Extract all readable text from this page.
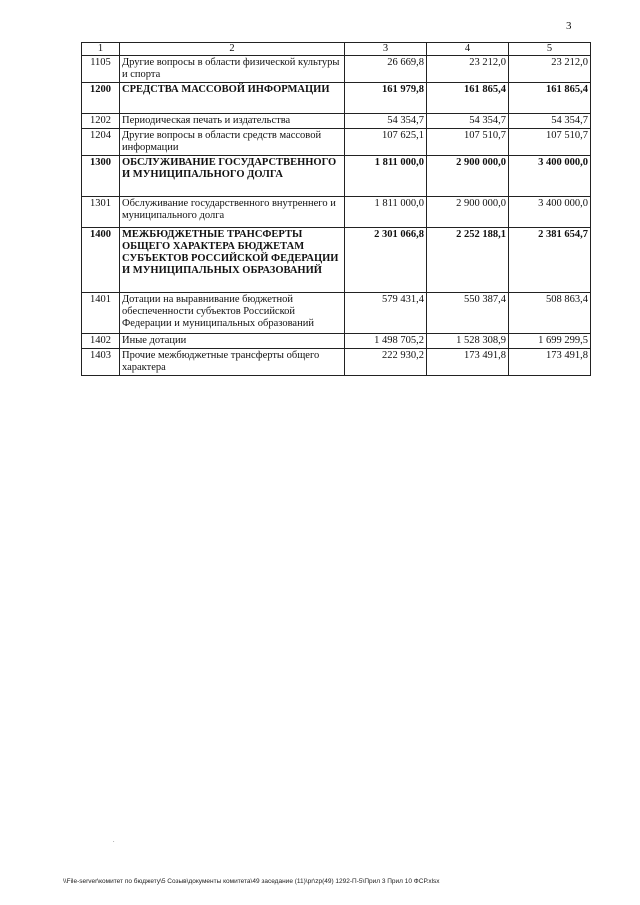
3
1	2	3	4	5
1105	Другие вопросы в области физической культуры и спорта	26 669,8	23 212,0	23 212,0
1200	СРЕДСТВА МАССОВОЙ ИНФОРМАЦИИ	161 979,8	161 865,4	161 865,4
1202	Периодическая печать и издательства	54 354,7	54 354,7	54 354,7
1204	Другие вопросы в области средств массовой информации	107 625,1	107 510,7	107 510,7
1300	ОБСЛУЖИВАНИЕ ГОСУДАРСТВЕННОГО И МУНИЦИПАЛЬНОГО ДОЛГА	1 811 000,0	2 900 000,0	3 400 000,0
1301	Обслуживание государственного внутреннего и муниципального долга	1 811 000,0	2 900 000,0	3 400 000,0
1400	МЕЖБЮДЖЕТНЫЕ ТРАНСФЕРТЫ ОБЩЕГО ХАРАКТЕРА БЮДЖЕТАМ СУБЪЕКТОВ РОССИЙСКОЙ ФЕДЕРАЦИИ И МУНИЦИПАЛЬНЫХ ОБРАЗОВАНИЙ	2 301 066,8	2 252 188,1	2 381 654,7
1401	Дотации на выравнивание бюджетной обеспеченности субъектов Российской Федерации и муниципальных образований	579 431,4	550 387,4	508 863,4
1402	Иные дотации	1 498 705,2	1 528 308,9	1 699 299,5
1403	Прочие межбюджетные трансферты общего характера	222 930,2	173 491,8	173 491,8
.
\\File-server\комитет по бюджету\5 Созыв\документы комитета\49 заседание (11)\pr\zp(49) 1292-П-5\Прил 3 Прил 10 ФСР.xlsx
